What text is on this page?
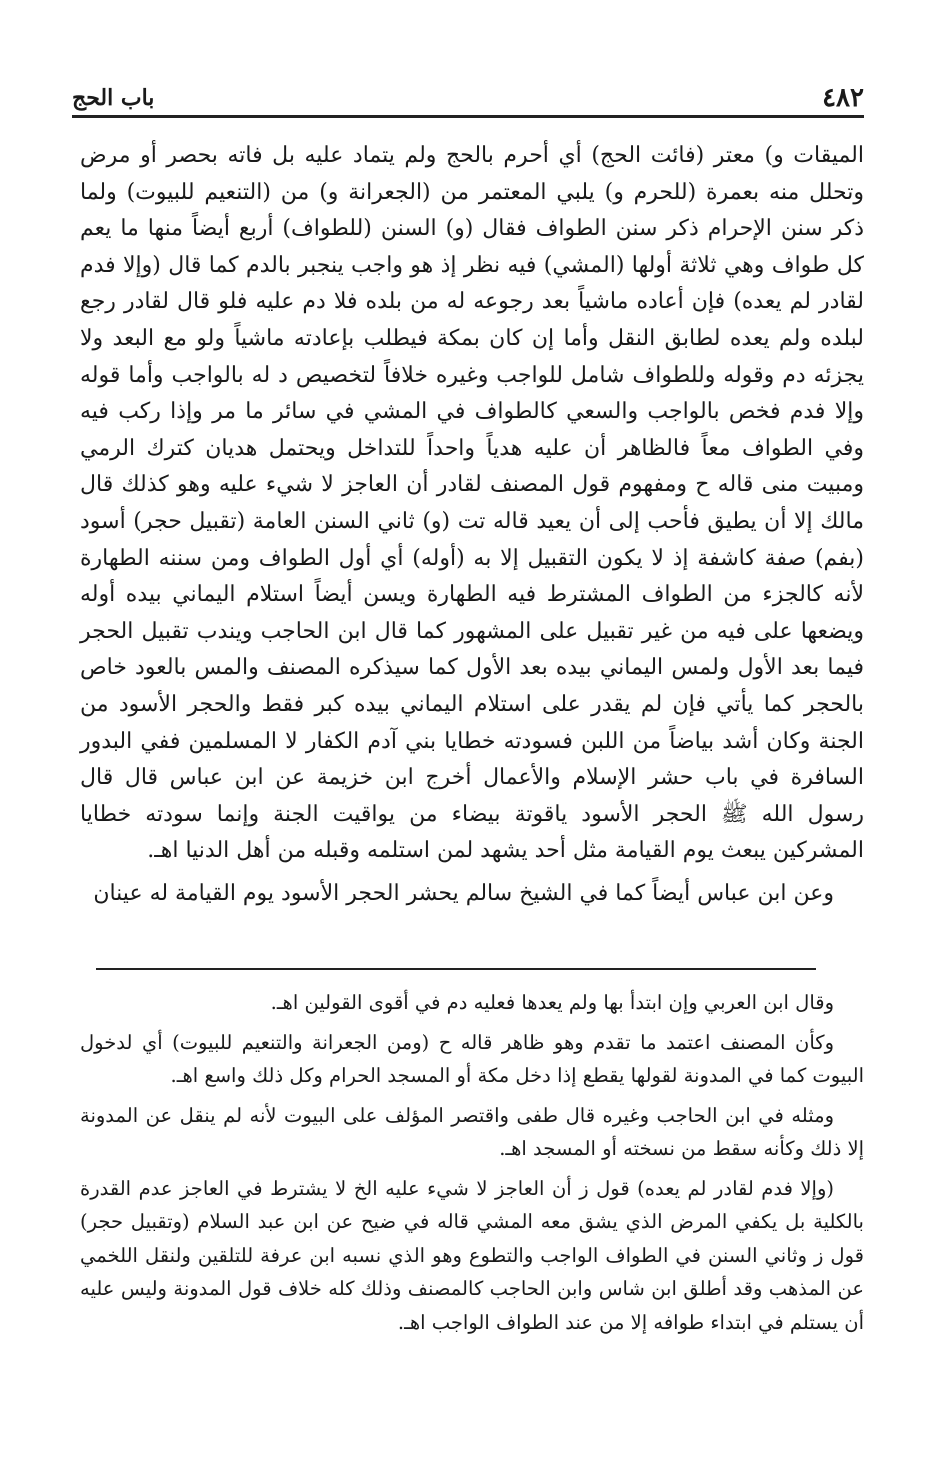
٤٨٢
باب الحج

الميقات و) معتر (فائت الحج) أي أحرم بالحج ولم يتماد عليه بل فاته بحصر أو مرض وتحلل منه بعمرة (للحرم و) يلبي المعتمر من (الجعرانة و) من (التنعيم للبيوت) ولما ذكر سنن الإحرام ذكر سنن الطواف فقال (و) السنن (للطواف) أربع أيضاً منها ما يعم كل طواف وهي ثلاثة أولها (المشي) فيه نظر إذ هو واجب ينجبر بالدم كما قال (وإلا فدم لقادر لم يعده) فإن أعاده ماشياً بعد رجوعه له من بلده فلا دم عليه فلو قال لقادر رجع لبلده ولم يعده لطابق النقل وأما إن كان بمكة فيطلب بإعادته ماشياً ولو مع البعد ولا يجزئه دم وقوله وللطواف شامل للواجب وغيره خلافاً لتخصيص د له بالواجب وأما قوله وإلا فدم فخص بالواجب والسعي كالطواف في المشي في سائر ما مر وإذا ركب فيه وفي الطواف معاً فالظاهر أن عليه هدياً واحداً للتداخل ويحتمل هديان كترك الرمي ومبيت منى قاله ح ومفهوم قول المصنف لقادر أن العاجز لا شيء عليه وهو كذلك قال مالك إلا أن يطيق فأحب إلى أن يعيد قاله تت (و) ثاني السنن العامة (تقبيل حجر) أسود (بفم) صفة كاشفة إذ لا يكون التقبيل إلا به (أوله) أي أول الطواف ومن سننه الطهارة لأنه كالجزء من الطواف المشترط فيه الطهارة ويسن أيضاً استلام اليماني بيده أوله ويضعها على فيه من غير تقبيل على المشهور كما قال ابن الحاجب ويندب تقبيل الحجر فيما بعد الأول ولمس اليماني بيده بعد الأول كما سيذكره المصنف والمس بالعود خاص بالحجر كما يأتي فإن لم يقدر على استلام اليماني بيده كبر فقط والحجر الأسود من الجنة وكان أشد بياضاً من اللبن فسودته خطايا بني آدم الكفار لا المسلمين ففي البدور السافرة في باب حشر الإسلام والأعمال أخرج ابن خزيمة عن ابن عباس قال قال رسول الله ﷺ الحجر الأسود ياقوتة بيضاء من يواقيت الجنة وإنما سودته خطايا المشركين يبعث يوم القيامة مثل أحد يشهد لمن استلمه وقبله من أهل الدنيا اهـ.

وعن ابن عباس أيضاً كما في الشيخ سالم يحشر الحجر الأسود يوم القيامة له عينان

وقال ابن العربي وإن ابتدأ بها ولم يعدها فعليه دم في أقوى القولين اهـ.

وكأن المصنف اعتمد ما تقدم وهو ظاهر قاله ح (ومن الجعرانة والتنعيم للبيوت) أي لدخول البيوت كما في المدونة لقولها يقطع إذا دخل مكة أو المسجد الحرام وكل ذلك واسع اهـ.

ومثله في ابن الحاجب وغيره قال طفى واقتصر المؤلف على البيوت لأنه لم ينقل عن المدونة إلا ذلك وكأنه سقط من نسخته أو المسجد اهـ.

(وإلا فدم لقادر لم يعده) قول ز أن العاجز لا شيء عليه الخ لا يشترط في العاجز عدم القدرة بالكلية بل يكفي المرض الذي يشق معه المشي قاله في ضيح عن ابن عبد السلام (وتقبيل حجر) قول ز وثاني السنن في الطواف الواجب والتطوع وهو الذي نسبه ابن عرفة للتلقين ولنقل اللخمي عن المذهب وقد أطلق ابن شاس وابن الحاجب كالمصنف وذلك كله خلاف قول المدونة وليس عليه أن يستلم في ابتداء طوافه إلا من عند الطواف الواجب اهـ.
